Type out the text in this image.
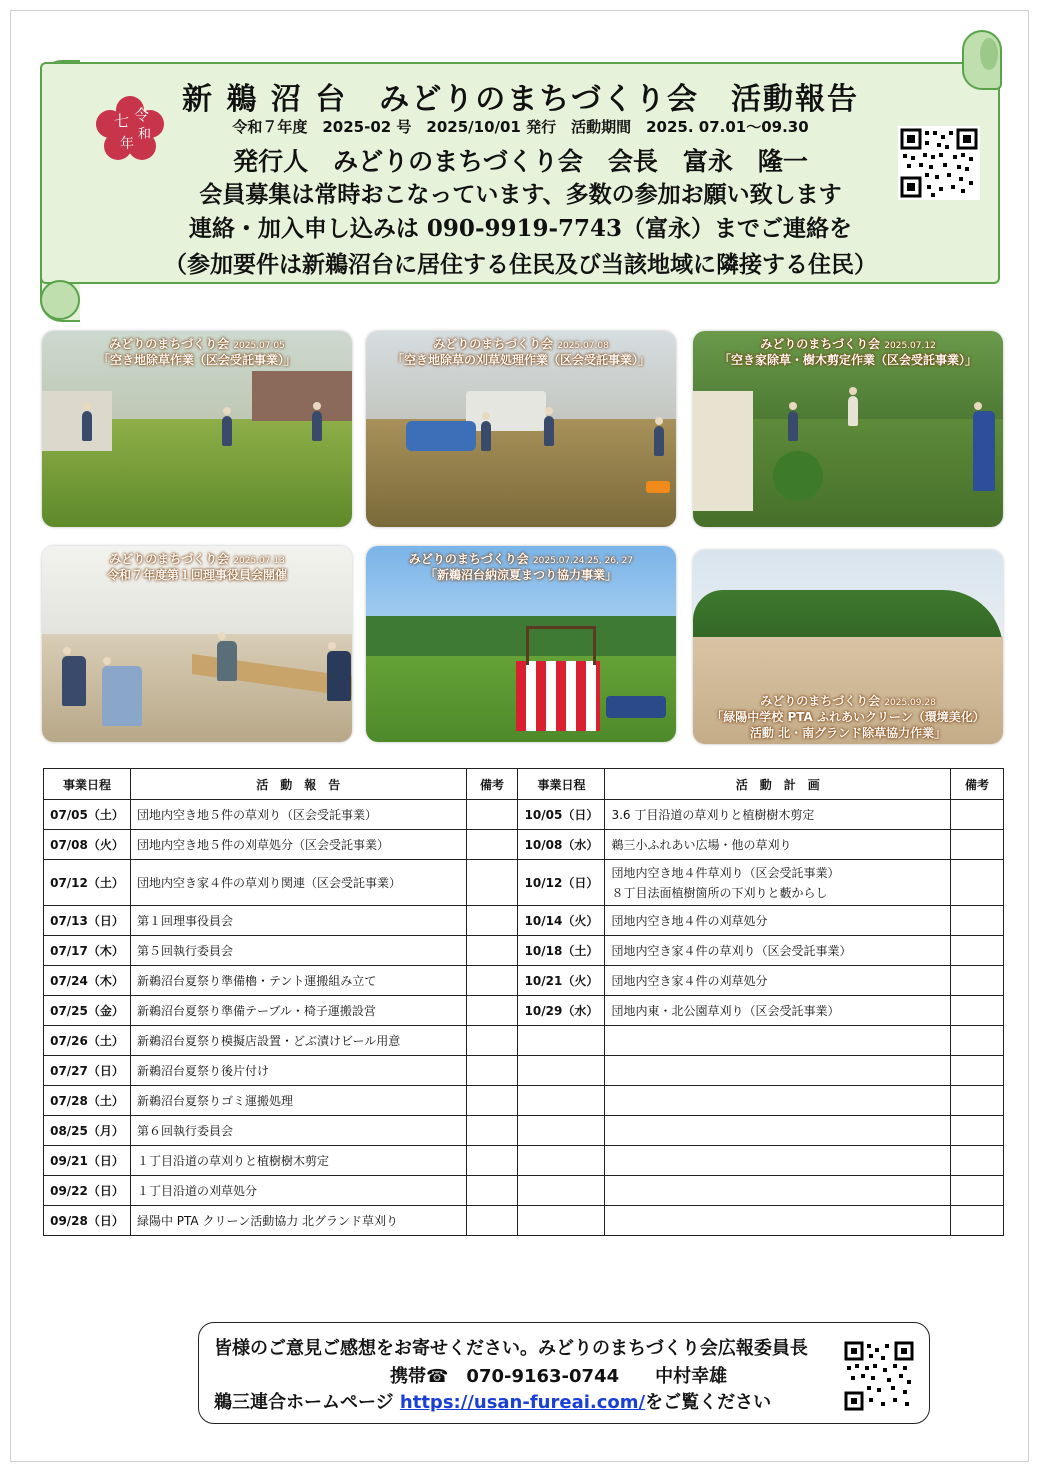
七 令
和
年
新 鵜 沼 台　みどりのまちづくり会　活動報告
令和７年度　2025-02 号　2025/10/01 発行　活動期間　2025. 07.01～09.30
発行人　みどりのまちづくり会　会長　富永　隆一
会員募集は常時おこなっています、多数の参加お願い致します
連絡・加入申し込みは 090-9919-7743（富永）までご連絡を
（参加要件は新鵜沼台に居住する住民及び当該地域に隣接する住民）
みどりのまちづくり会 2025.07.05
「空き地除草作業（区会受託事業）」
みどりのまちづくり会 2025.07.08
「空き地除草の刈草処理作業（区会受託事業）」
みどりのまちづくり会 2025.07.12
「空き家除草・樹木剪定作業（区会受託事業）」
みどりのまちづくり会 2025.07.13
令和７年度第１回理事役員会開催
みどりのまちづくり会 2025.07.24.25, 26, 27
「新鵜沼台納涼夏まつり協力事業」
みどりのまちづくり会 2025.09.28
「緑陽中学校 PTA ふれあいクリーン（環境美化）
活動 北・南グランド除草協力作業」
事業日程	活　動　報　告	備考	事業日程	活　動　計　画	備考
07/05（土）	団地内空き地５件の草刈り（区会受託事業）		10/05（日）	3.6 丁目沿道の草刈りと植樹樹木剪定	
07/08（火）	団地内空き地５件の刈草処分（区会受託事業）		10/08（水）	鵜三小ふれあい広場・他の草刈り	
07/12（土）	団地内空き家４件の草刈り関連（区会受託事業）		10/12（日）	団地内空き地４件草刈り（区会受託事業）
８丁目法面植樹箇所の下刈りと藪からし	

07/13（日）	第１回理事役員会		10/14（火）	団地内空き地４件の刈草処分	
07/17（木）	第５回執行委員会		10/18（土）	団地内空き家４件の草刈り（区会受託事業）	
07/24（木）	新鵜沼台夏祭り準備櫓・テント運搬組み立て		10/21（火）	団地内空き家４件の刈草処分	
07/25（金）	新鵜沼台夏祭り準備テーブル・椅子運搬設営		10/29（水）	団地内東・北公園草刈り（区会受託事業）	
07/26（土）	新鵜沼台夏祭り模擬店設置・どぶ漬けビール用意				
07/27（日）	新鵜沼台夏祭り後片付け				
07/28（土）	新鵜沼台夏祭りゴミ運搬処理				
08/25（月）	第６回執行委員会				
09/21（日）	１丁目沿道の草刈りと植樹樹木剪定				
09/22（日）	１丁目沿道の刈草処分				
09/28（日）	緑陽中 PTA クリーン活動協力 北グランド草刈り				
皆様のご意見ご感想をお寄せください。みどりのまちづくり会広報委員長
携帯☎　070-9163-0744　　中村幸雄
鵜三連合ホームページ https://usan-fureai.com/をご覧ください
